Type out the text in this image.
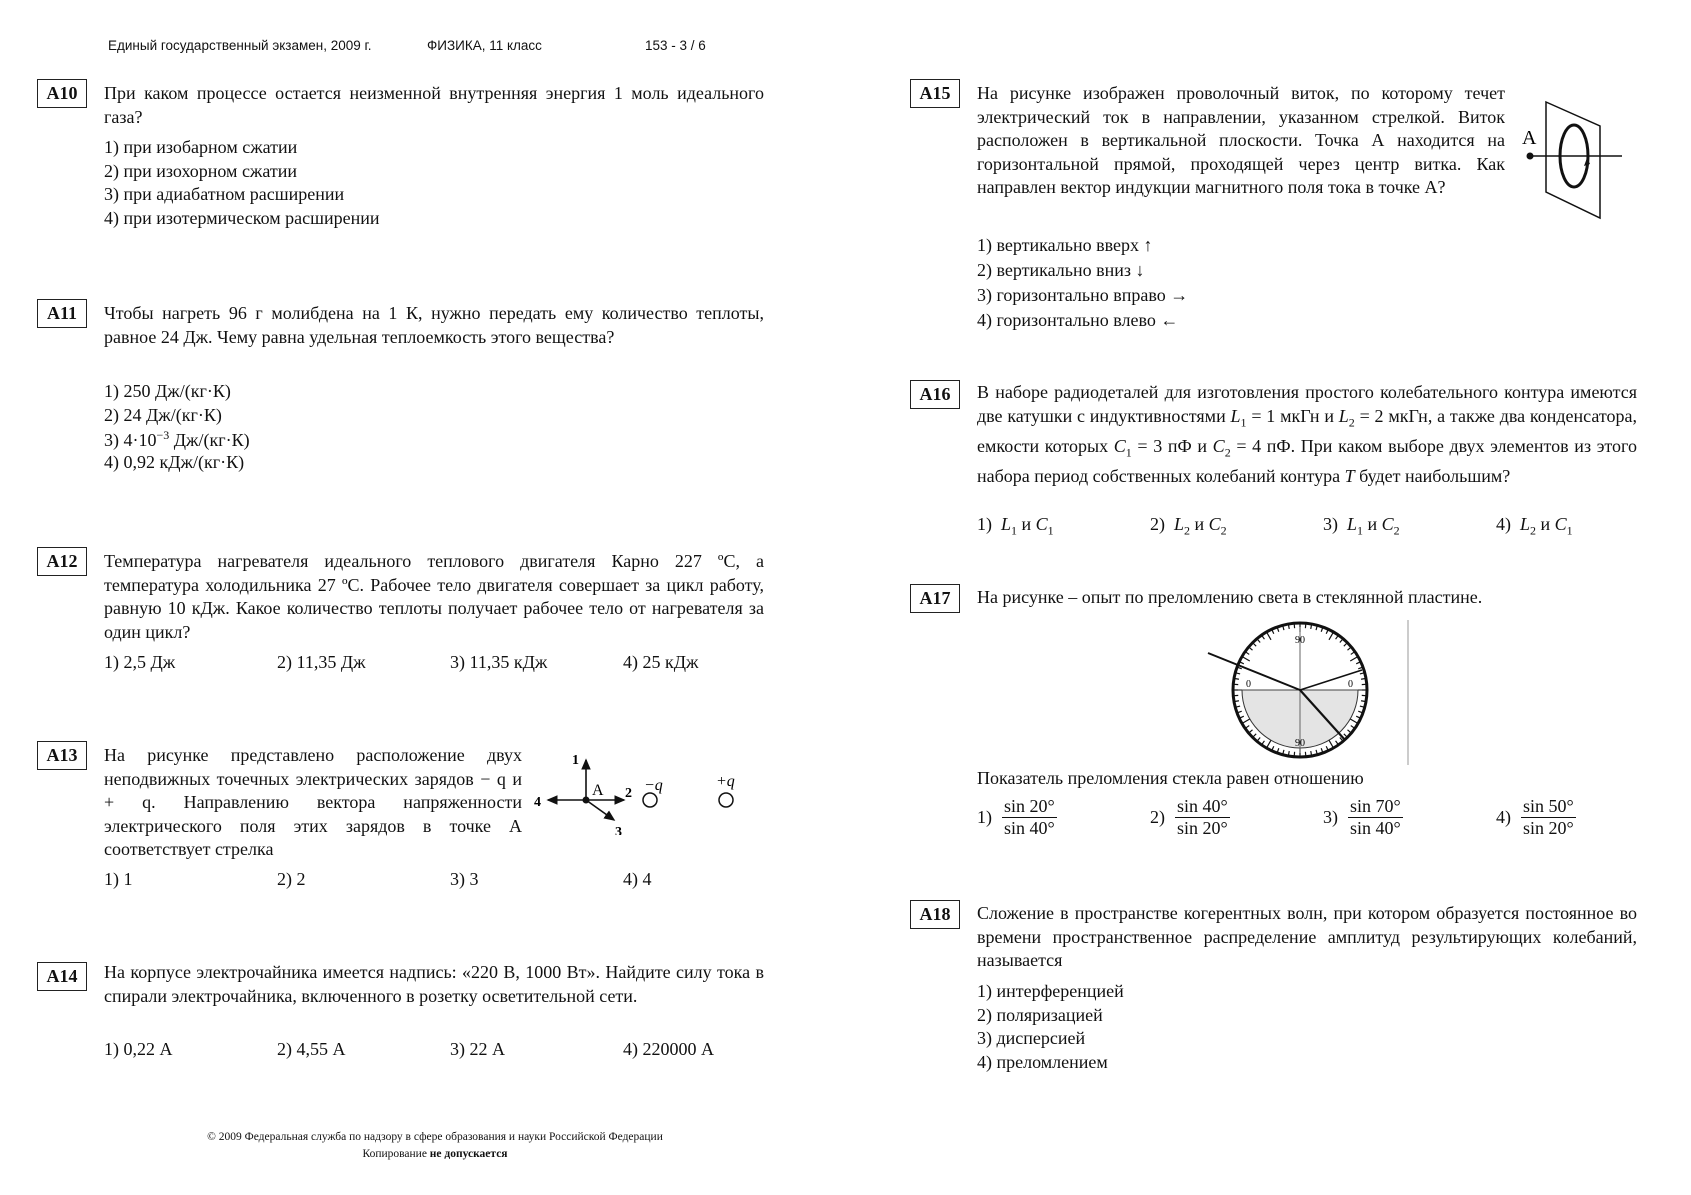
Единый государственный экзамен, 2009 г.	ФИЗИКА, 11 класс	153 - 3 / 6
А10	При каком процессе остается неизменной внутренняя энергия 1 моль идеального газа?
1) при изобарном сжатии
2) при изохорном сжатии
3) при адиабатном расширении
4) при изотермическом расширении
А11	Чтобы нагреть 96 г молибдена на 1 К, нужно передать ему количество теплоты, равное 24 Дж. Чему равна удельная теплоемкость этого вещества?
1) 250 Дж/(кг·К)
2) 24 Дж/(кг·К)
3) $4\cdot 10^{-3}$ Дж/(кг·К)
4) 0,92 кДж/(кг·К)
А12	Температура нагревателя идеального теплового двигателя Карно 227 ºС, а температура холодильника 27 ºС. Рабочее тело двигателя совершает за цикл работу, равную 10 кДж. Какое количество теплоты получает рабочее тело от нагревателя за один цикл?
1) 2,5 Дж	2) 11,35 Дж	3) 11,35 кДж	4) 25 кДж
А13	На рисунке представлено расположение двух неподвижных точечных электрических зарядов − q и + q. Направлению вектора напряженности электрического поля этих зарядов в точке А соответствует стрелка
1
2
3
4
А	−q	+q
1) 1	2) 2	3) 3	4) 4
А14	На корпусе электрочайника имеется надпись: «220 В, 1000 Вт». Найдите силу тока в спирали электрочайника, включенного в розетку осветительной сети.
1) 0,22 А	2) 4,55 А	3) 22 А	4) 220000 А
© 2009 Федеральная служба по надзору в сфере образования и науки Российской Федерации
Копирование не допускается
А15	На рисунке изображен проволочный виток, по которому течет электрический ток в направлении, указанном стрелкой. Виток расположен в вертикальной плоскости. Точка А находится на горизонтальной прямой, проходящей через центр витка. Как направлен вектор индукции магнитного поля тока в точке А?
А
1) вертикально вверх ↑
2) вертикально вниз ↓
3) горизонтально вправо →
4) горизонтально влево ←
А16	В наборе радиодеталей для изготовления простого колебательного контура имеются две катушки с индуктивностями $L_1 = 1$ мкГн и $L_2 = 2$ мкГн, а также два конденсатора, емкости которых $C_1 = 3$ пФ и $C_2 = 4$ пФ. При каком выборе двух элементов из этого набора период собственных колебаний контура T будет наибольшим?
1) $L_1$ и $C_1$	2) $L_2$ и $C_2$	3) $L_1$ и $C_2$	4) $L_2$ и $C_1$
А17	На рисунке – опыт по преломлению света в стеклянной пластине.
90
90
0	0
Показатель преломления стекла равен отношению
$1) \frac{\sin 20^\circ}{\sin 40^\circ}$	$2) \frac{\sin 40^\circ}{\sin 20^\circ}$	$3) \frac{\sin 70^\circ}{\sin 40^\circ}$	$4) \frac{\sin 50^\circ}{\sin 20^\circ}$
А18	Сложение в пространстве когерентных волн, при котором образуется постоянное во времени пространственное распределение амплитуд результирующих колебаний, называется
1) интерференцией
2) поляризацией
3) дисперсией
4) преломлением
